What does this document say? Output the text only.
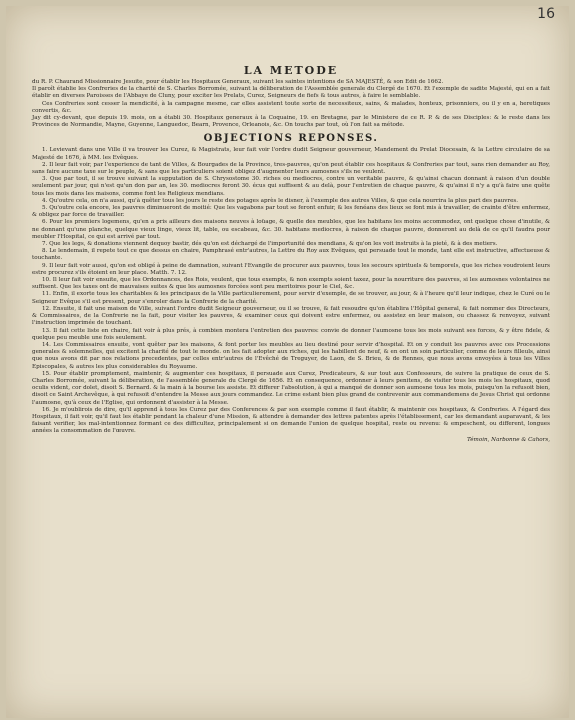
16
LA METODE
du R. P. Chaurand Missionnaire Jesuite, pour établir les Hospitaux Generaux, suivant les saintes intentions de SA MAJESTÉ, & son Edit de 1662.

Il paroît établie les Confreries de la charité de S. Charles Borromée, suivant la déliberation de l'Assemblée generale du Clergé de 1670. Et l'exemple de sadite Majesté, qui en a fait établir en diverses Paroisses de l'Abbaye de Cluny, pour exciter les Prelats, Curez, Seigneurs de fiefs & tous autres, à faire le semblable.

Ces Confreries sont cesser la mendicité, à la campagne mesme, car elles assistent toute sorte de necessiteux, sains, & malades, honteux, prisonniers, ou il y en a, heretiques convertis, &c.

Jay dit cy-devant, que depuis 19. mois, on a établi 30. Hospitaux generaux à la Coquaine, 19. en Bretagne, par le Ministere de ce R. P. & de ses Disciples: & le reste dans les Provinces de Normandie, Mayne, Guyenne, Languedoc, Bearn, Provence, Orleanois, &c. On touchs par tout, où l'on fait sa métode.

OBJECTIONS REPONSES.

1. Levievant dans une Ville il va trouver les Curez, & Magistrats, leur fait voir l'ordre dudit Seigneur gouverneur, Mandement du Prelat Diocesain, & la Lettre circulaire de sa Majesté de 1676, à MM. les Evêques.

2. Il leur fait voir, par l'experience de tant de Villes, & Bourgades de la Province, tres-pauvres, qu'on peut établir ces hospitaux & Confreries par tout, sans rien demander au Roy, sans faire aucune taxe sur le peuple, & sans que les particuliers soient obligez d'augmenter leurs aumosnes s'ils ne veulent.

3. Que par tout, il se trouve suivant la supputation de S. Chrysostome 30. riches ou mediocres, contre un veritable pauvre, & qu'ainsi chacun donnant à raison d'un double seulement par jour, qui n'est qu'un don par an, les 30. mediocres feront 30. écus qui suffisent & au delà, pour l'entretien de chaque pauvre, & qu'ainsi il n'y a qu'à faire une quête tous les mois dans les maisons, comme font les Religieux mendians.

4. Qu'outre cela, on n'a aussi, qu'à quêter tous les jours le reste des potages après le disner, à l'exemple des autres Villes, & que cela nourrira la plus part des pauvres.

5. Qu'outre cela encore, les pauvres diminueront de moitié: Que les vagabons par tout se feront enfuir, & les fenéans des lieux se font mis à travailler, de crainte d'être enfermez, & obligez par force de travailler.

6. Pour les premiers logemens, qu'en a pris ailleurs des maisons neuves à loüage, & quelle des meubles, que les habitans les moins accommodez, ont quelque chose d'inutile, & ne donnant qu'une planche, quelque vieux linge, vieux lit, table, ou escabeau, &c. 30. habitans mediocres, à raison de chaque pauvre, donneront au delà de ce qu'il faudra pour meubler l'Hospital, ce qui est arrivé par tout.

7. Que les legs, & donations viennent dequoy bastir, dés qu'on est déchargé de l'importunité des mendians, & qu'on les voit instruits à la pieté, & à des metiers.

8. Le lendemain, il repete tout ce que dessus en chaire, Pamphrasé entr'autres, la Lettre du Roy aux Evêques, qui persuade tout le monde, tant elle est instructive, affectueuse & touchante.

9. Il leur fait voir aussi, qu'on est obligé à peine de damnation, suivant l'Evangile de procurer aux pauvres, tous les secours spirituels & temporels, que les riches voudroient leurs estre procurez s'ils étoient en leur place. Matth. 7. 12.

10. Il leur fait voir ensuite, que les Ordonnances, des Rois, veulent, que tous exempts, & non exempts soient taxez, pour la nourriture des pauvres, si les aumosnes volontaires ne suffisent. Que les taxes ont de mauvaises suites & que les aumosnes forcées sont peu meritoires pour le Ciel, &c.

11. Enfin, il exorte tous les charitables & les principaux de la Ville particulierement, pour servir d'exemple, de se trouver, au jour, & à l'heure qu'il leur indique, chez le Curé ou le Seigneur Evêque s'il est present, pour s'enroler dans la Confrerie de la charité.

12. Ensuite, il fait une maison de Ville, suivant l'ordre dudit Seigneur gouverneur, ou il se trouve, & fait resoudre qu'on établira l'Hôpital general, & fait nommer des Directeurs, & Commissaires, de la Confrerie ne la fait, pour visiter les pauvres, & examiner ceux qui doivent estre enfermez, ou assistez en leur maison, ou chassez & renvoyez, suivant l'instruction imprimée de touchant.

13. Il fait cette liste en chaire, fait voir à plus prés, à combien montera l'entretien des pauvres: convie de donner l'aumosne tous les mois suivant ses forces, & y être fidele, & quelque peu meuble une fois seulement.

14. Les Commissaires ensuite, vont quêter par les maisons, & font porter les meubles au lieu destiné pour servir d'hospital. Et on y conduit les pauvres avec ces Processions generales & solemnelles, qui excitent la charité de tout le monde. on les fait adopter aux riches, qui les habillent de neuf, & en ont un soin particulier, comme de leurs filleuls, ainsi que nous avons dit par nos relations precedentes, par celles entr'autres de l'Evêché de Treguyer, de Laon, de S. Brieu, & de Rennes, que nous avons envoyées à tous les Villes Episcopales, & autres les plus considerables du Royaume.

15. Pour établir promptement, maintenir, & augmenter ces hospitaux, il persuade aux Curez, Predicateurs, & sur tout aux Confesseurs, de suivre la pratique de ceux de S. Charles Borromée, suivant la déliberation, de l'assemblée generale du Clergé de 1656. Et en consequence, ordonner à leurs penitens, de visiter tous les mois les hospitaux, quod oculis vident, cor dolet, disoit S. Bernard. & la main à la bourse les assiste. Et differer l'absolution, à qui a manqué de donner son aumosne tous les mois, puisqu'on la refusoit bien, disoit ce Saint Archevêque, à qui refusoit d'entendre la Messe aux jours commandez. Le crime estant bien plus grand de contrevenir aux commandemens de Jesus Christ qui ordonne l'aumosne, qu'à ceux de l'Eglise, qui ordonnent d'assister à la Messe.

16. Je m'oublirois de dire, qu'il apprend à tous les Curez par des Conferences & par son exemple comme il faut établir, & maintenir ces hospitaux, & Confreries. A l'égard des Hospitaux, il fait voir, qu'il faut les établir pendant la chaleur d'une Mission, & attendre à demander des lettres patentes après l'établissement, car les demandant auparavant, & les faisant verifier, les mal-intentionnez formant ce des difficultez, principalement si on demande l'union de quelque hospital, reste ou revenu: & empeschent, ou different, longues années la consommation de l'œuvre.

Témoin, Narbonne & Cahors,
